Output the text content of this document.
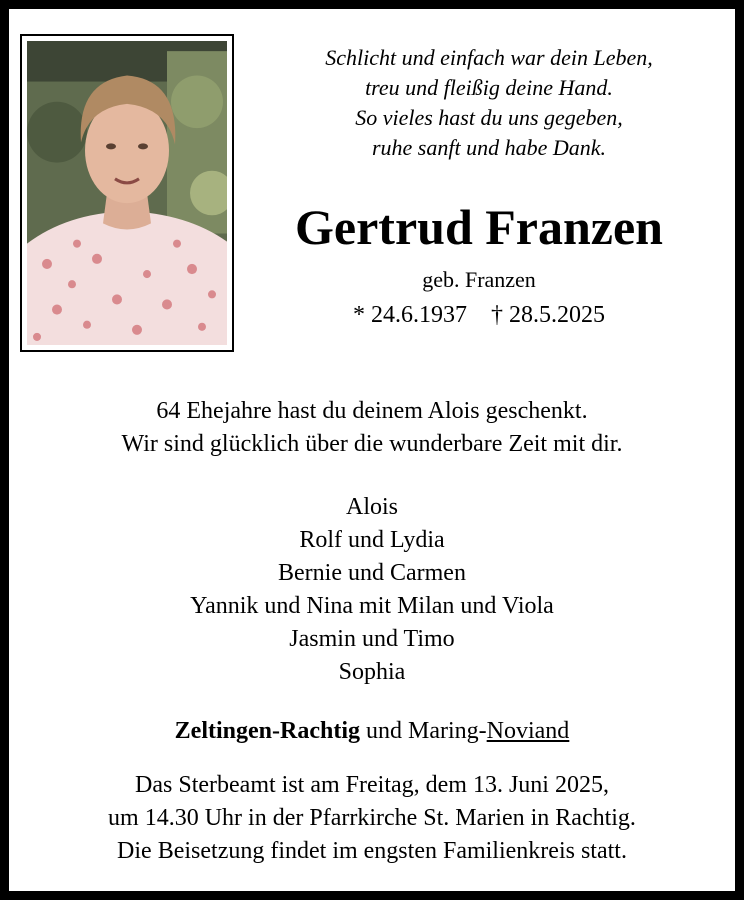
Schlicht und einfach war dein Leben,
treu und fleißig deine Hand.
So vieles hast du uns gegeben,
ruhe sanft und habe Dank.
Gertrud Franzen
geb. Franzen
* 24.6.1937 † 28.5.2025
64 Ehejahre hast du deinem Alois geschenkt.
Wir sind glücklich über die wunderbare Zeit mit dir.
Alois
Rolf und Lydia
Bernie und Carmen
Yannik und Nina mit Milan und Viola
Jasmin und Timo
Sophia
Zeltingen-Rachtig und Maring-Noviand
Das Sterbeamt ist am Freitag, dem 13. Juni 2025,
um 14.30 Uhr in der Pfarrkirche St. Marien in Rachtig.
Die Beisetzung findet im engsten Familienkreis statt.
